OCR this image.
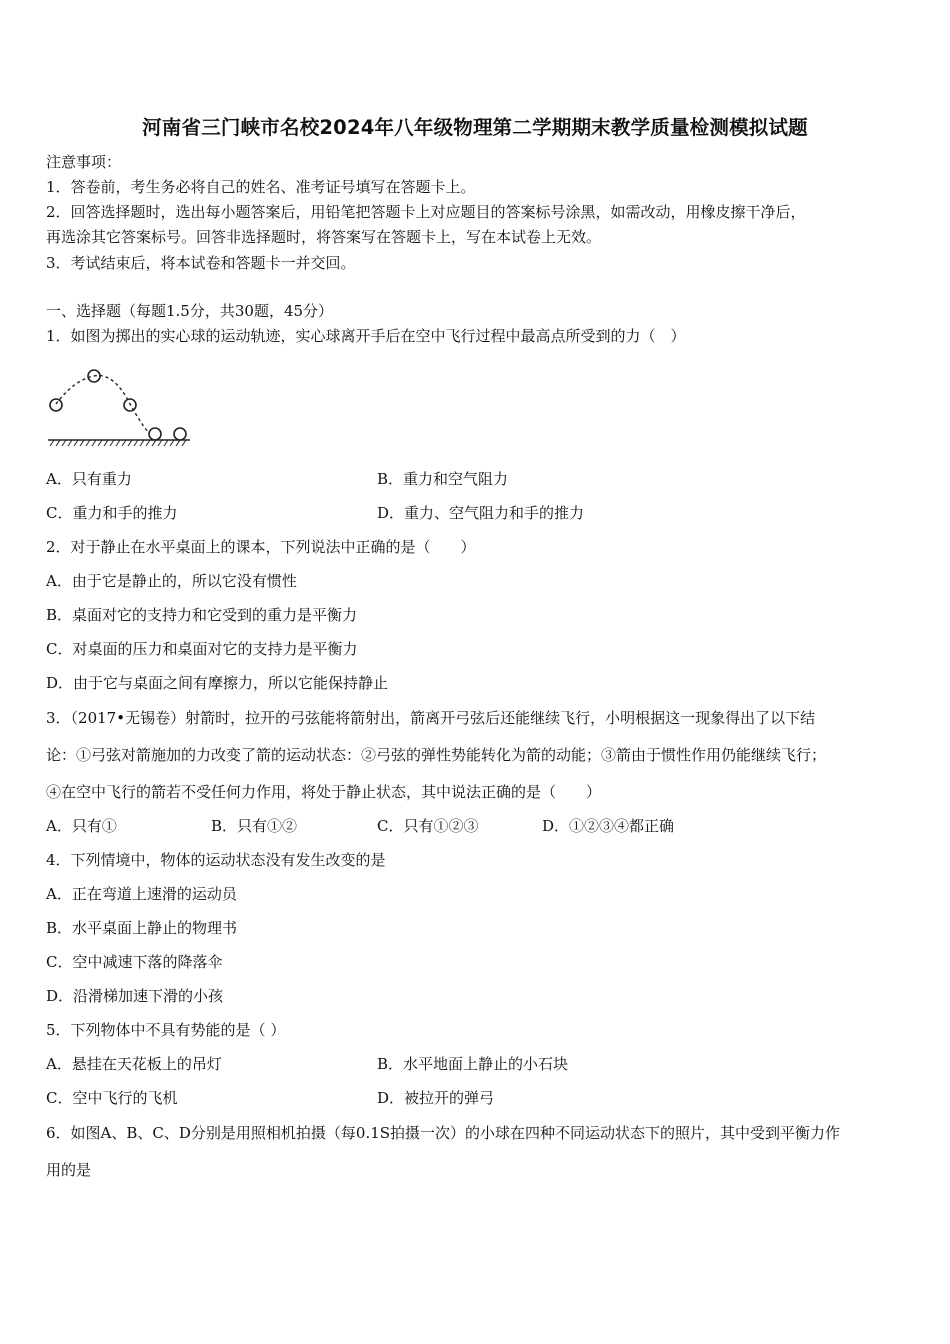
河南省三门峡市名校2024年八年级物理第二学期期末教学质量检测模拟试题
注意事项：
1．答卷前，考生务必将自己的姓名、准考证号填写在答题卡上。
2．回答选择题时，选出每小题答案后，用铅笔把答题卡上对应题目的答案标号涂黑，如需改动，用橡皮擦干净后，
再选涂其它答案标号。回答非选择题时，将答案写在答题卡上，写在本试卷上无效。
3．考试结束后，将本试卷和答题卡一并交回。
一、选择题（每题1.5分，共30题，45分）
1．如图为掷出的实心球的运动轨迹，实心球离开手后在空中飞行过程中最高点所受到的力（　）
A．只有重力	B．重力和空气阻力
C．重力和手的推力	D．重力、空气阻力和手的推力
2．对于静止在水平桌面上的课本，下列说法中正确的是（　　）
A．由于它是静止的，所以它没有惯性
B．桌面对它的支持力和它受到的重力是平衡力
C．对桌面的压力和桌面对它的支持力是平衡力
D．由于它与桌面之间有摩擦力，所以它能保持静止
3．（2017•无锡卷）射箭时，拉开的弓弦能将箭射出，箭离开弓弦后还能继续飞行，小明根据这一现象得出了以下结
论：①弓弦对箭施加的力改变了箭的运动状态：②弓弦的弹性势能转化为箭的动能；③箭由于惯性作用仍能继续飞行；
④在空中飞行的箭若不受任何力作用，将处于静止状态，其中说法正确的是（　　）
A．只有①	B．只有①②	C．只有①②③	D．①②③④都正确
4．下列情境中，物体的运动状态没有发生改变的是
A．正在弯道上速滑的运动员
B．水平桌面上静止的物理书
C．空中减速下落的降落伞
D．沿滑梯加速下滑的小孩
5．下列物体中不具有势能的是（ ）
A．悬挂在天花板上的吊灯	B．水平地面上静止的小石块
C．空中飞行的飞机	D．被拉开的弹弓
6．如图A、B、C、D分别是用照相机拍摄（每0.1S拍摄一次）的小球在四种不同运动状态下的照片，其中受到平衡力作
用的是
